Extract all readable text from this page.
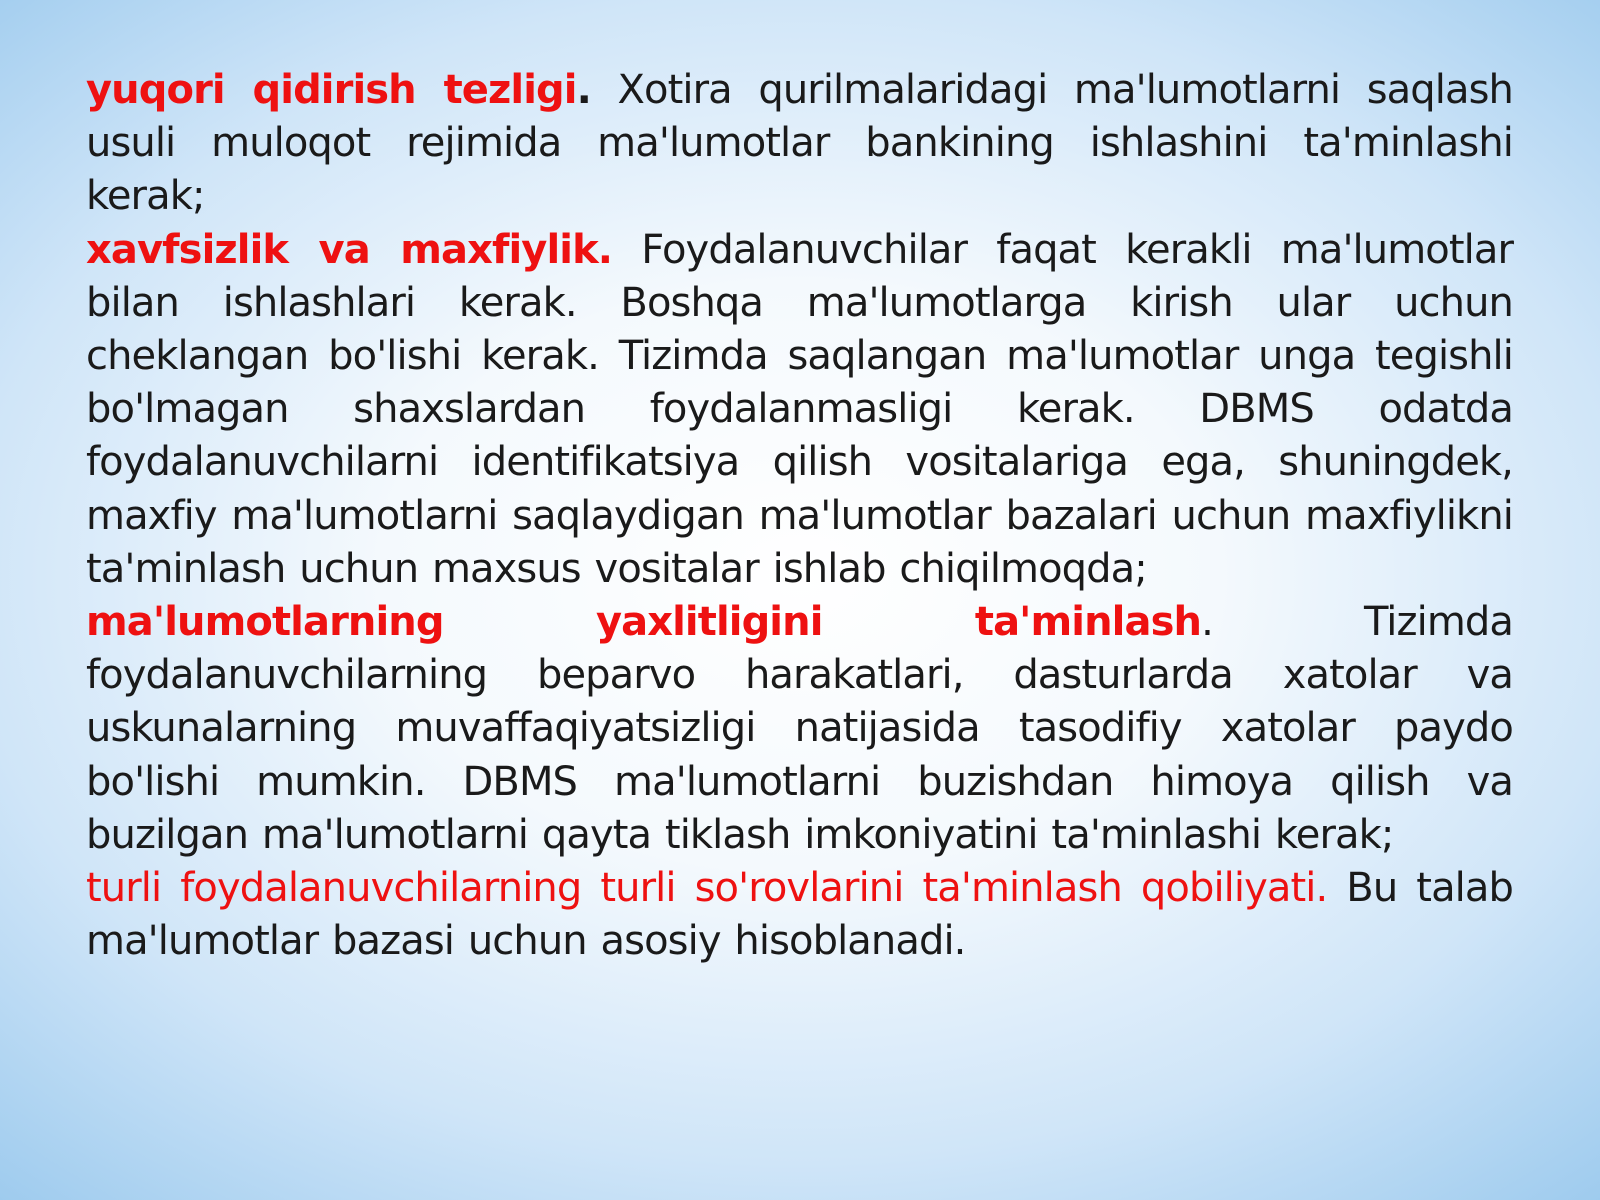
yuqori qidirish tezligi. Xotira qurilmalaridagi ma'lumotlarni saqlash usuli muloqot rejimida ma'lumotlar bankining ishlashini ta'minlashi kerak;

xavfsizlik va maxfiylik. Foydalanuvchilar faqat kerakli ma'lumotlar bilan ishlashlari kerak. Boshqa ma'lumotlarga kirish ular uchun cheklangan bo'lishi kerak. Tizimda saqlangan ma'lumotlar unga tegishli bo'lmagan shaxslardan foydalanmasligi kerak. DBMS odatda foydalanuvchilarni identifikatsiya qilish vositalariga ega, shuningdek, maxfiy ma'lumotlarni saqlaydigan ma'lumotlar bazalari uchun maxfiylikni ta'minlash uchun maxsus vositalar ishlab chiqilmoqda;

ma'lumotlarning yaxlitligini ta'minlash. Tizimda
foydalanuvchilarning beparvo harakatlari, dasturlarda xatolar va uskunalarning muvaffaqiyatsizligi natijasida tasodifiy xatolar paydo bo'lishi mumkin. DBMS ma'lumotlarni buzishdan himoya qilish va buzilgan ma'lumotlarni qayta tiklash imkoniyatini ta'minlashi kerak;

turli foydalanuvchilarning turli so'rovlarini ta'minlash qobiliyati. Bu talab ma'lumotlar bazasi uchun asosiy hisoblanadi.
